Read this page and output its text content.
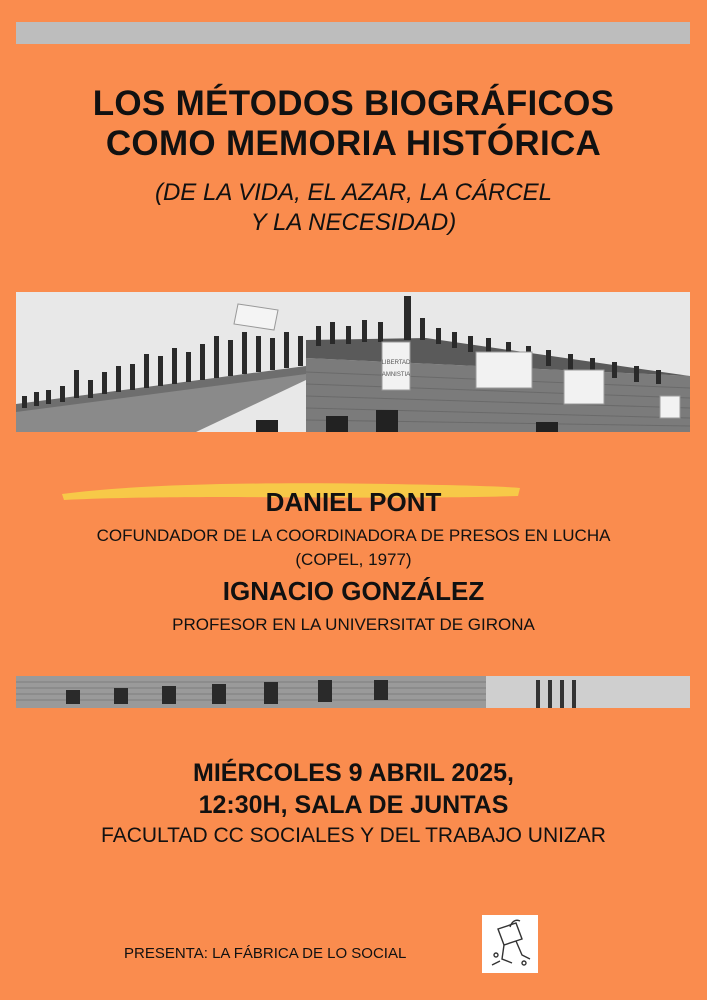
LOS MÉTODOS BIOGRÁFICOS
COMO MEMORIA HISTÓRICA
(DE LA VIDA, EL AZAR, LA CÁRCEL
Y LA NECESIDAD)
LIBERTAD
AMNISTIA
DANIEL PONT
COFUNDADOR DE LA COORDINADORA DE PRESOS EN LUCHA
(COPEL, 1977)
IGNACIO GONZÁLEZ
PROFESOR EN LA UNIVERSITAT DE GIRONA
MIÉRCOLES 9 ABRIL 2025,
12:30H, SALA DE JUNTAS
FACULTAD CC SOCIALES Y DEL TRABAJO UNIZAR
PRESENTA: LA FÁBRICA DE LO SOCIAL
